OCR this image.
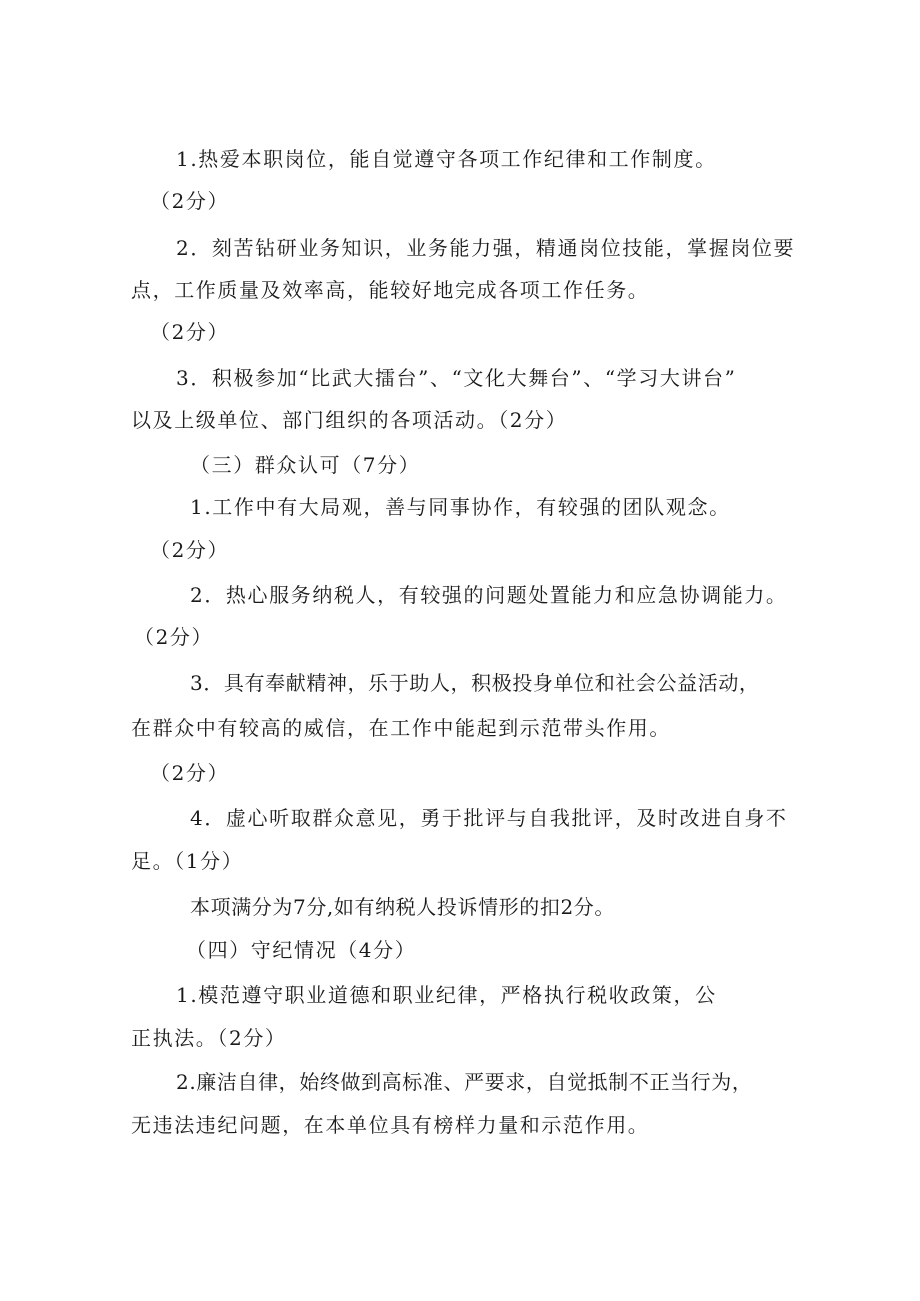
1.热爱本职岗位，能自觉遵守各项工作纪律和工作制度。
（2分）
2．刻苦钻研业务知识，业务能力强，精通岗位技能，掌握岗位要
点，工作质量及效率高，能较好地完成各项工作任务。
（2分）
3．积极参加“比武大擂台”、“文化大舞台”、“学习大讲台”
以及上级单位、部门组织的各项活动。（2分）
（三）群众认可（7分）
1.工作中有大局观，善与同事协作，有较强的团队观念。
（2分）
2．热心服务纳税人，有较强的问题处置能力和应急协调能力。
（2分）
3．具有奉献精神，乐于助人，积极投身单位和社会公益活动，
在群众中有较高的威信，在工作中能起到示范带头作用。
（2分）
4．虚心听取群众意见，勇于批评与自我批评，及时改进自身不
足。（1分）
本项满分为7分,如有纳税人投诉情形的扣2分。
（四）守纪情况（4分）
1.模范遵守职业道德和职业纪律，严格执行税收政策，公
正执法。（2分）
2.廉洁自律，始终做到高标准、严要求，自觉抵制不正当行为，
无违法违纪问题，在本单位具有榜样力量和示范作用。
